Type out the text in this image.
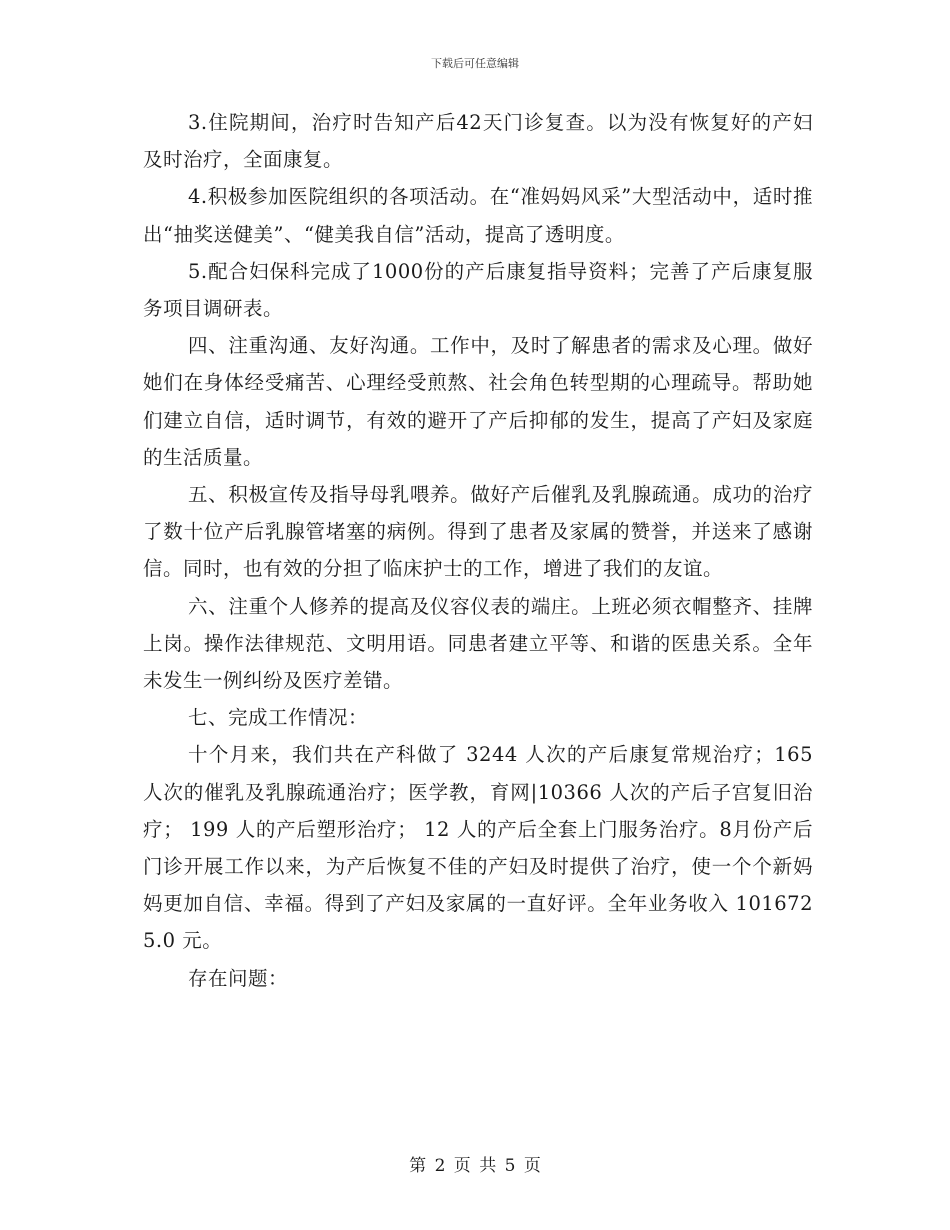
下载后可任意编辑

3.住院期间，治疗时告知产后42天门诊复查。以为没有恢复好的产妇及时治疗，全面康复。

4.积极参加医院组织的各项活动。在“准妈妈风采”大型活动中，适时推出“抽奖送健美”、“健美我自信”活动，提高了透明度。

5.配合妇保科完成了1000份的产后康复指导资料；完善了产后康复服务项目调研表。

四、注重沟通、友好沟通。工作中，及时了解患者的需求及心理。做好她们在身体经受痛苦、心理经受煎熬、社会角色转型期的心理疏导。帮助她们建立自信，适时调节，有效的避开了产后抑郁的发生，提高了产妇及家庭的生活质量。

五、积极宣传及指导母乳喂养。做好产后催乳及乳腺疏通。成功的治疗了数十位产后乳腺管堵塞的病例。得到了患者及家属的赞誉，并送来了感谢信。同时，也有效的分担了临床护士的工作，增进了我们的友谊。

六、注重个人修养的提高及仪容仪表的端庄。上班必须衣帽整齐、挂牌上岗。操作法律规范、文明用语。同患者建立平等、和谐的医患关系。全年未发生一例纠纷及医疗差错。

七、完成工作情况：

十个月来，我们共在产科做了 3244 人次的产后康复常规治疗；165 人次的催乳及乳腺疏通治疗；医学教，育网|10366 人次的产后子宫复旧治疗； 199 人的产后塑形治疗； 12 人的产后全套上门服务治疗。8月份产后门诊开展工作以来，为产后恢复不佳的产妇及时提供了治疗，使一个个新妈妈更加自信、幸福。得到了产妇及家属的一直好评。全年业务收入 1016725.0 元。

存在问题：

第 2 页 共 5 页
